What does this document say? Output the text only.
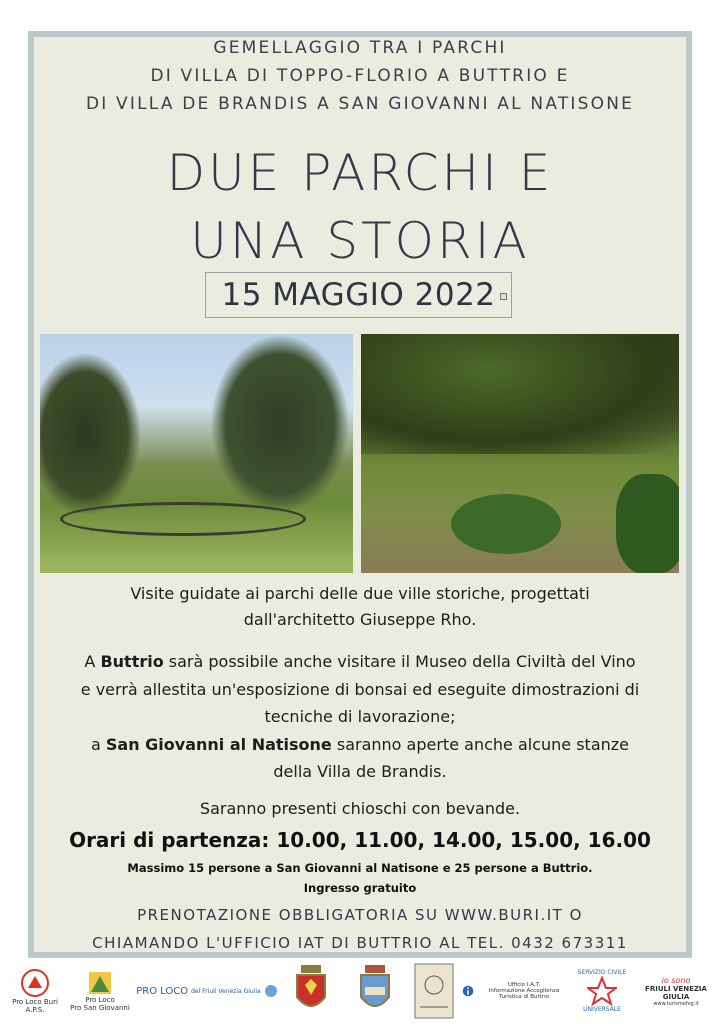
GEMELLAGGIO TRA I PARCHI
DI VILLA DI TOPPO-FLORIO A BUTTRIO E
DI VILLA DE BRANDIS A SAN GIOVANNI AL NATISONE
DUE PARCHI E
UNA STORIA
15 MAGGIO 2022
Visite guidate ai parchi delle due ville storiche, progettati
dall'architetto Giuseppe Rho.
A Buttrio sarà possibile anche visitare il Museo della Civiltà del Vino
e verrà allestita un'esposizione di bonsai ed eseguite dimostrazioni di
tecniche di lavorazione;
a San Giovanni al Natisone saranno aperte anche alcune stanze
della Villa de Brandis.
Saranno presenti chioschi con bevande.
Orari di partenza: 10.00, 11.00, 14.00, 15.00, 16.00
Massimo 15 persone a San Giovanni al Natisone e 25 persone a Buttrio.
Ingresso gratuito
PRENOTAZIONE OBBLIGATORIA SU WWW.BURI.IT O
CHIAMANDO L'UFFICIO IAT DI BUTTRIO AL TEL. 0432 673311
Pro Loco Buri A.P.S.
Pro Loco
Pro San Giovanni
PRO LOCO del Friuli Venezia Giulia
Ufficio I.A.T.
Informazione Accoglienza Turistica di Buttrio
SERVIZIO CIVILE
UNIVERSALE
io sono
FRIULI VENEZIA GIULIA
www.turismofvg.it
